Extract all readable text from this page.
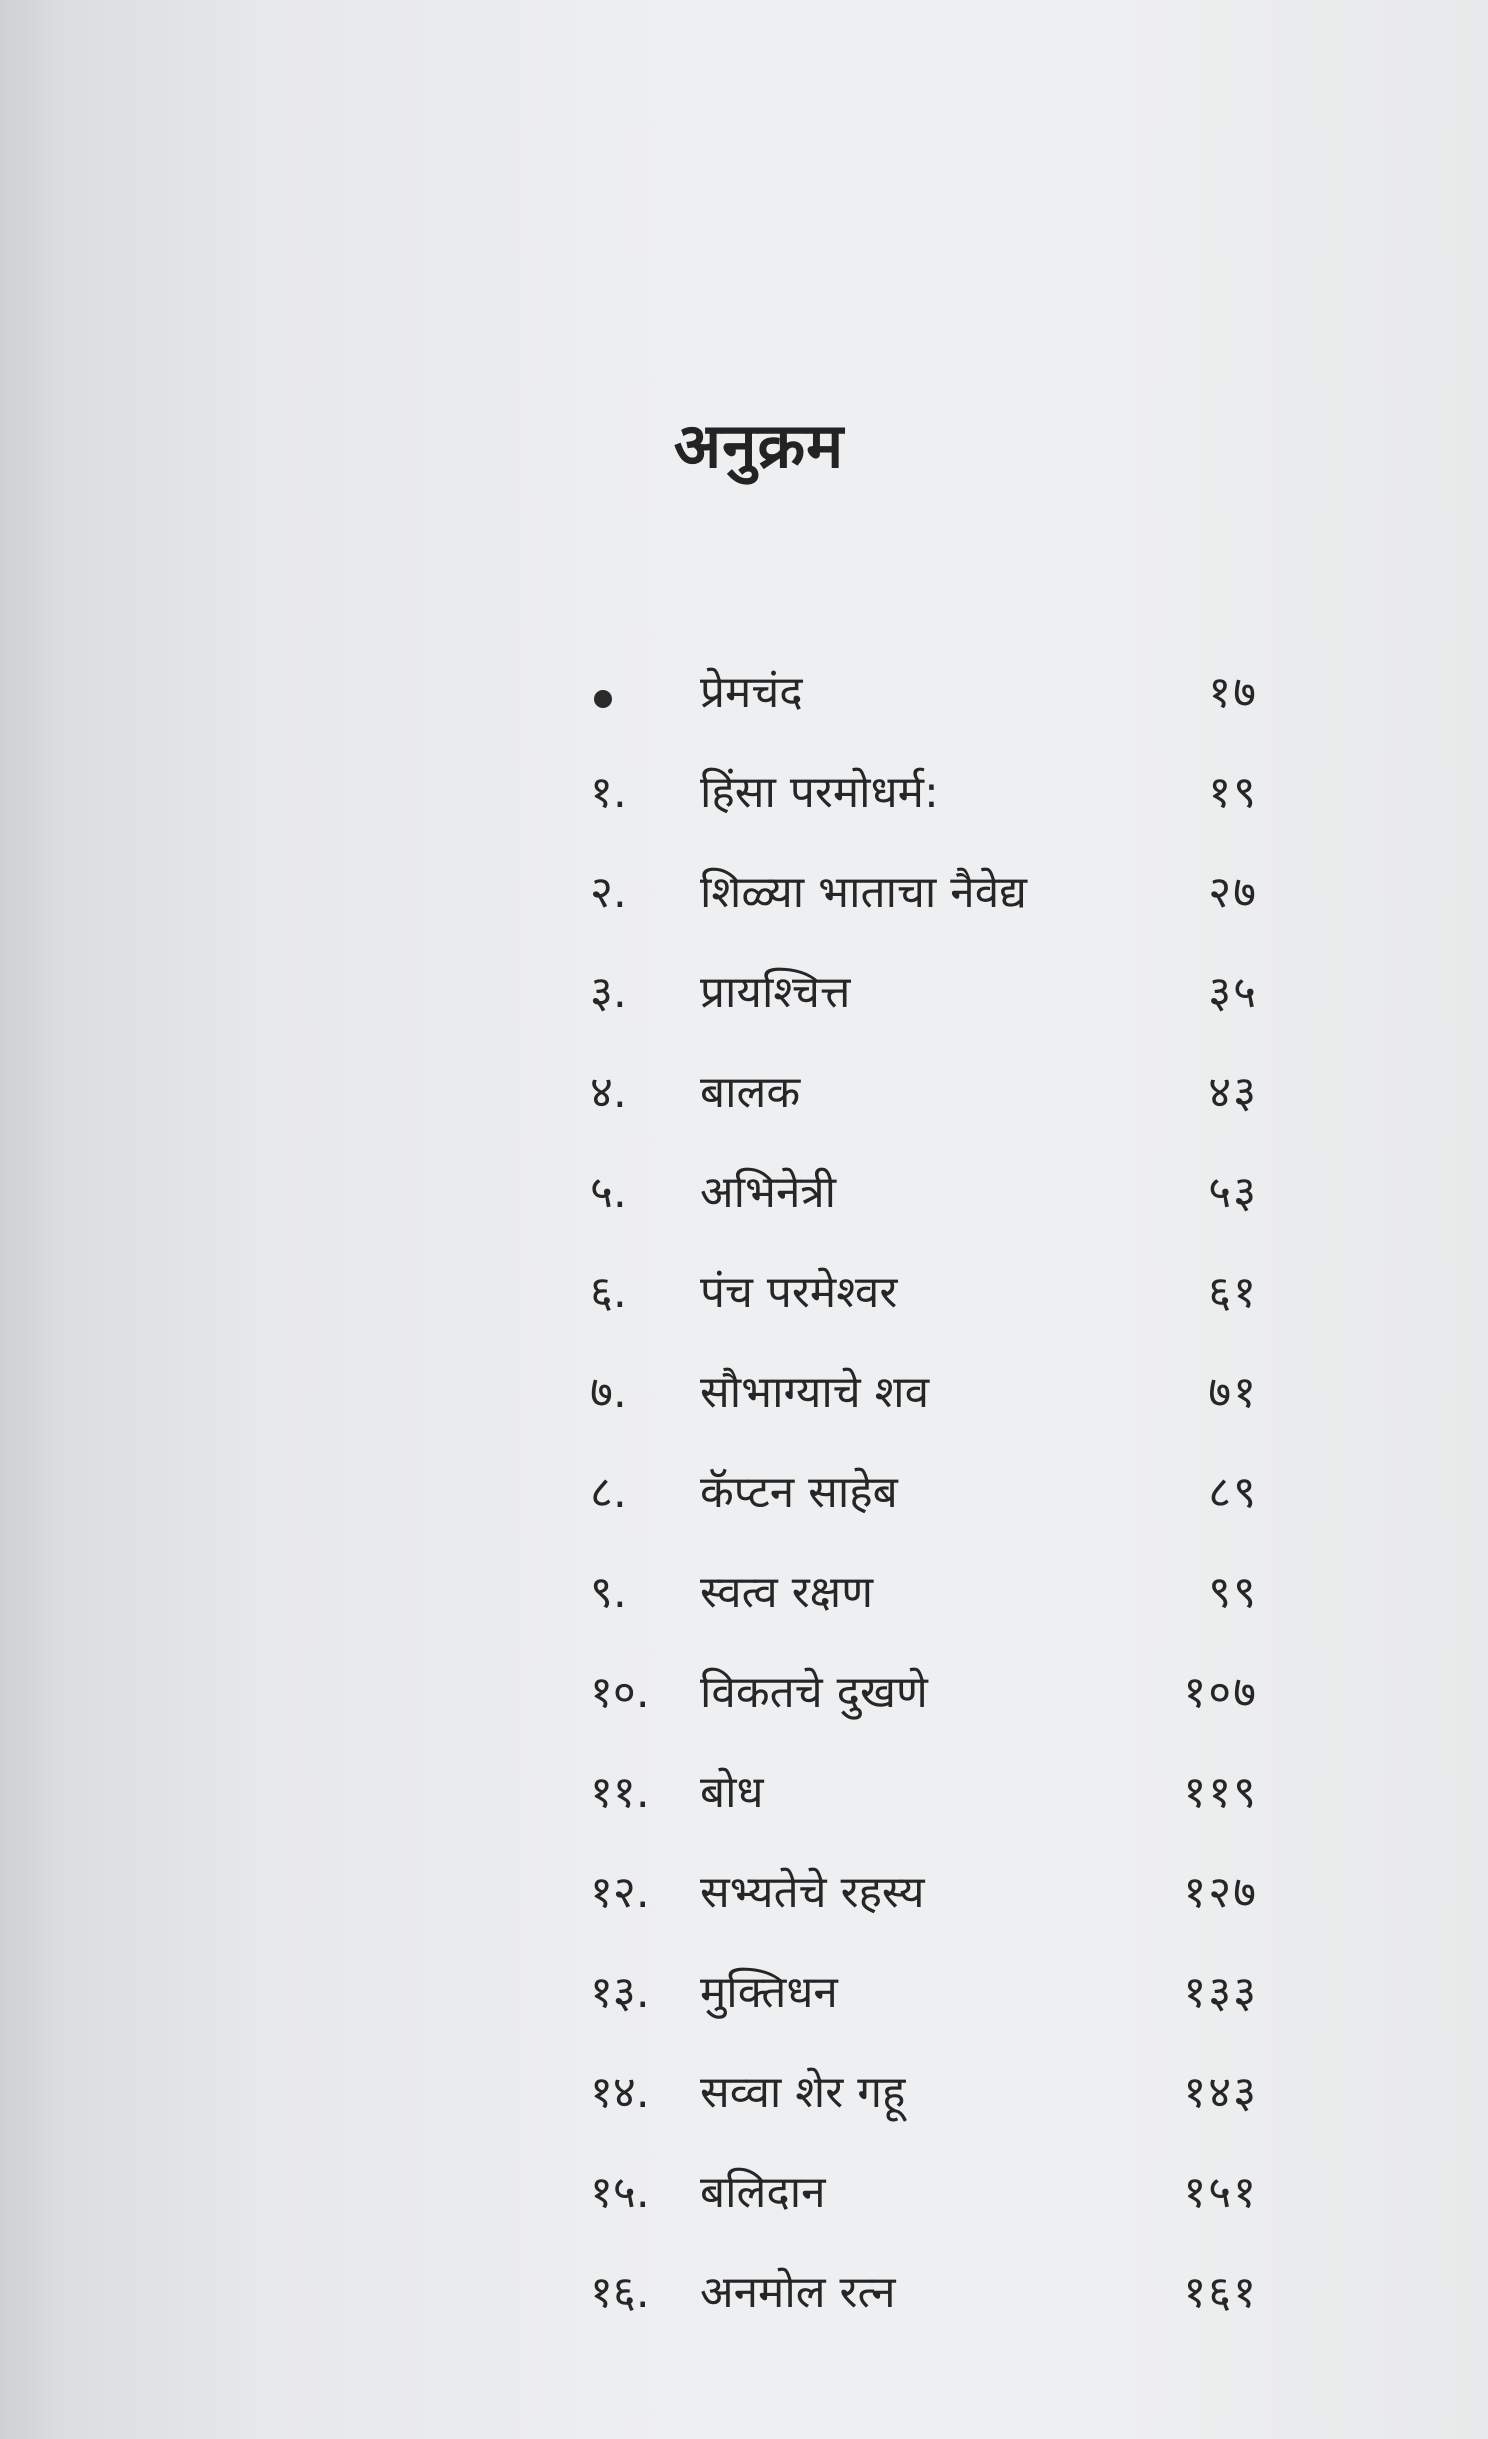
अनुक्रम
प्रेमचंद	१७
१. हिंसा परमोधर्म:	१९
२. शिळ्या भाताचा नैवेद्य	२७
३. प्रायश्चित्त	३५
४. बालक	४३
५. अभिनेत्री	५३
६. पंच परमेश्वर	६१
७. सौभाग्याचे शव	७१
८. कॅप्टन साहेब	८९
९. स्वत्व रक्षण	९९
१०. विकतचे दुखणे	१०७
११. बोध	११९
१२. सभ्यतेचे रहस्य	१२७
१३. मुक्तिधन	१३३
१४. सव्वा शेर गहू	१४३
१५. बलिदान	१५१
१६. अनमोल रत्न	१६१
